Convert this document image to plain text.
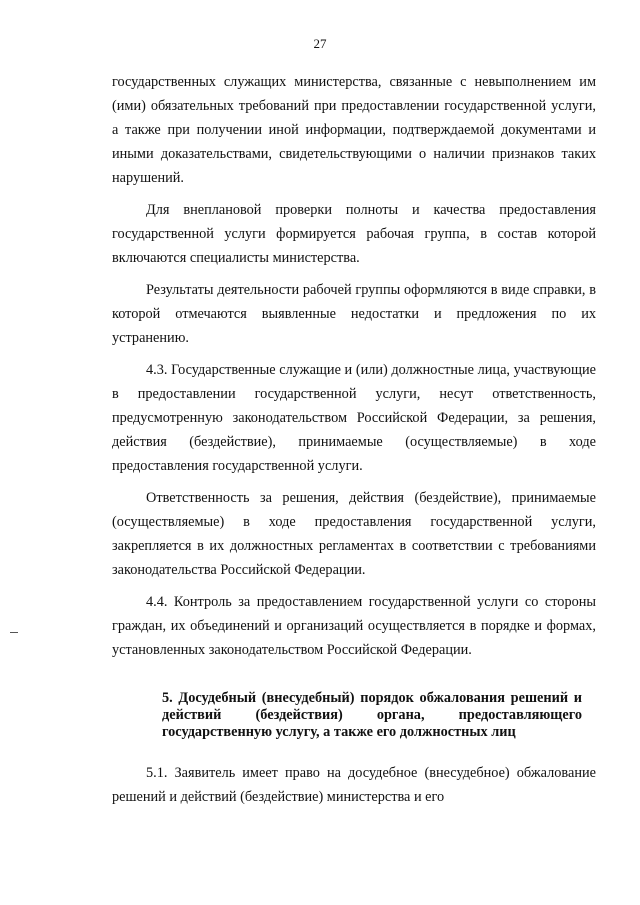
27

государственных служащих министерства, связанные с невыполнением им (ими) обязательных требований при предоставлении государственной услуги, а также при получении иной информации, подтверждаемой документами и иными доказательствами, свидетельствующими о наличии признаков таких нарушений.

Для внеплановой проверки полноты и качества предоставления государственной услуги формируется рабочая группа, в состав которой включаются специалисты министерства.

Результаты деятельности рабочей группы оформляются в виде справки, в которой отмечаются выявленные недостатки и предложения по их устранению.

4.3. Государственные служащие и (или) должностные лица, участвующие в предоставлении государственной услуги, несут ответственность, предусмотренную законодательством Российской Федерации, за решения, действия (бездействие), принимаемые (осуществляемые) в ходе предоставления государственной услуги.

Ответственность за решения, действия (бездействие), принимаемые (осуществляемые) в ходе предоставления государственной услуги, закрепляется в их должностных регламентах в соответствии с требованиями законодательства Российской Федерации.

4.4. Контроль за предоставлением государственной услуги со стороны граждан, их объединений и организаций осуществляется в порядке и формах, установленных законодательством Российской Федерации.

5. Досудебный (внесудебный) порядок обжалования решений и действий (бездействия) органа, предоставляющего государственную услугу, а также его должностных лиц

5.1. Заявитель имеет право на досудебное (внесудебное) обжалование решений и действий (бездействие) министерства и его
